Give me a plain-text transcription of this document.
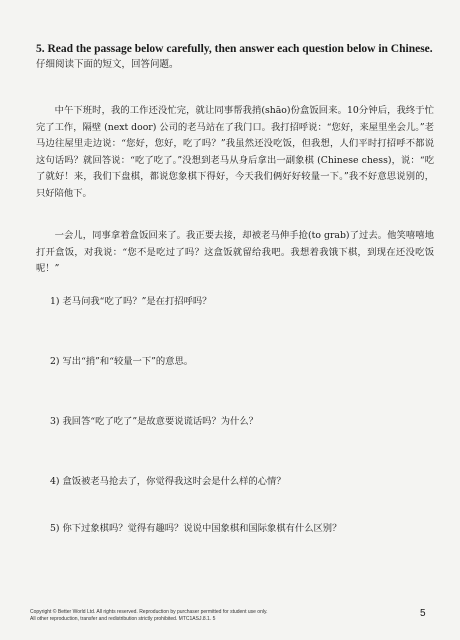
5. Read the passage below carefully, then answer each question below in Chinese.
仔细阅读下面的短文，回答问题。
中午下班时，我的工作还没忙完，就让同事帮我捎(shāo)份盒饭回来。10分钟后，我终于忙完了工作，隔壁 (next door) 公司的老马站在了我门口。我打招呼说：“您好，来屋里坐会儿。”老马边往屋里走边说：“您好，您好，吃了吗？”我虽然还没吃饭，但我想，人们平时打招呼不都说这句话吗？就回答说：“吃了吃了。”没想到老马从身后拿出一副象棋 (Chinese chess)，说：“吃了就好！来，我们下盘棋，都说您象棋下得好，今天我们俩好好较量一下。”我不好意思说别的，只好陪他下。
一会儿，同事拿着盒饭回来了。我正要去接，却被老马伸手抢(to grab)了过去。他笑嘻嘻地打开盒饭，对我说：“您不是吃过了吗？这盒饭就留给我吧。我想着我饿下棋，到现在还没吃饭呢！”
1) 老马问我“吃了吗？”是在打招呼吗？
2) 写出“捎”和“较量一下”的意思。
3) 我回答“吃了吃了”是故意要说谎话吗？为什么？
4) 盒饭被老马抢去了，你觉得我这时会是什么样的心情？
5) 你下过象棋吗？觉得有趣吗？说说中国象棋和国际象棋有什么区别？
Copyright © Better World Ltd. All rights reserved. Reproduction by purchaser permitted for student use only.
All other reproduction, transfer and redistribution strictly prohibited. MTC1ASJ.8.1. 5	5
